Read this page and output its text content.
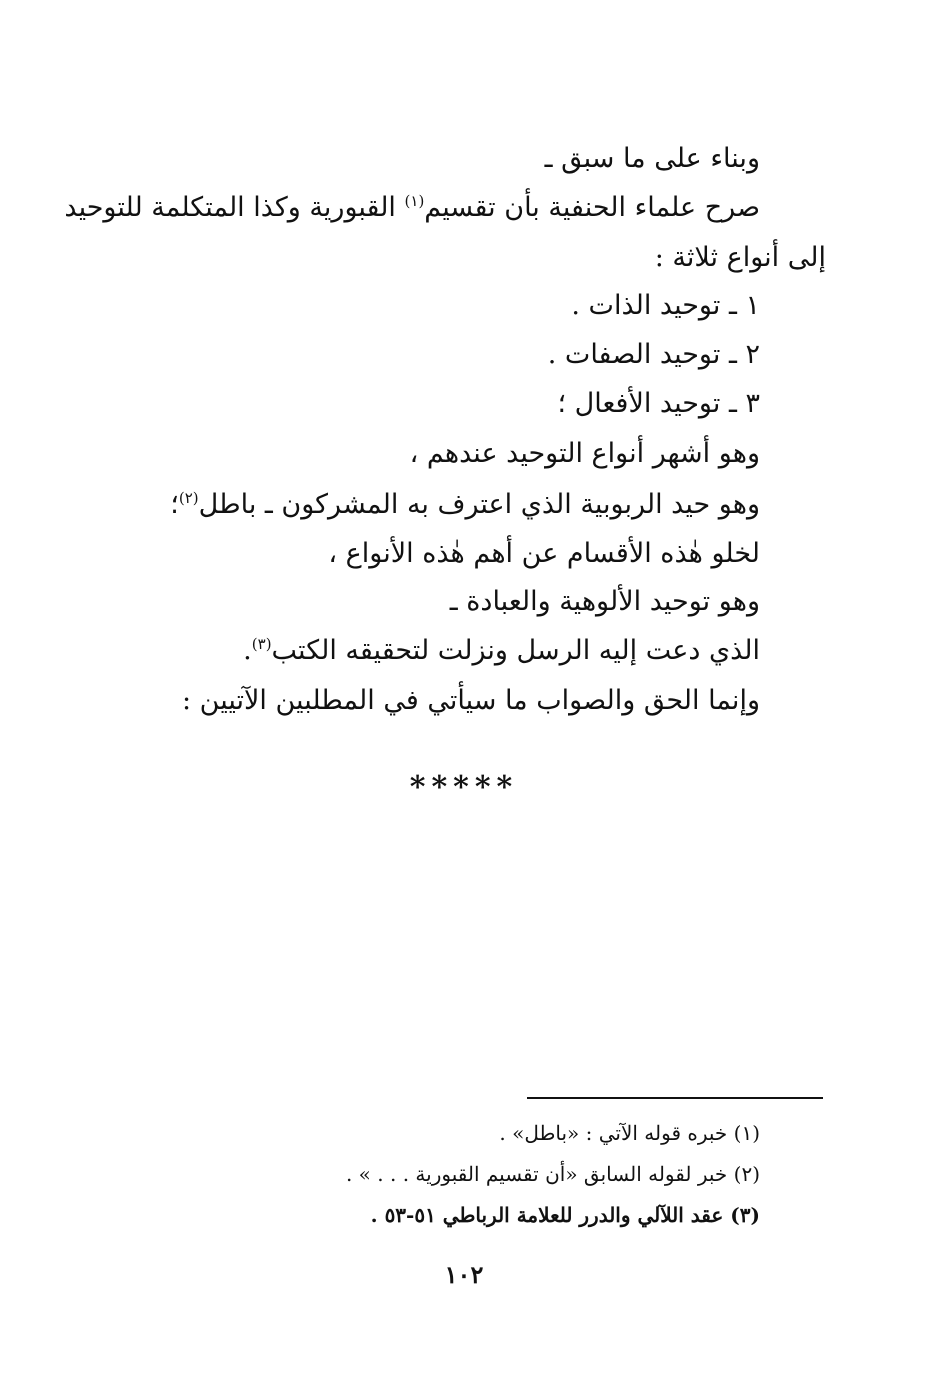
وبناء على ما سبق ـ
صرح علماء الحنفية بأن تقسيم$^{(١)}$ القبورية وكذا المتكلمة للتوحيد
إلى أنواع ثلاثة :
١ ـ توحيد الذات .
٢ ـ توحيد الصفات .
٣ ـ توحيد الأفعال ؛
وهو أشهر أنواع التوحيد عندهم ،
وهو حيد الربوبية الذي اعترف به المشركون ـ باطل$^{(٢)}$؛
لخلو هٰذه الأقسام عن أهم هٰذه الأنواع ،
وهو توحيد الألوهية والعبادة ـ
الذي دعت إليه الرسل ونزلت لتحقيقه الكتب$^{(٣)}$.
وإنما الحق والصواب ما سيأتي في المطلبين الآتيين :
*****
(١) خبره قوله الآتي : «باطل» .
(٢) خبر لقوله السابق «أن تقسيم القبورية . . . » .
(٣) عقد اللآلي والدرر للعلامة الرباطي ٥١-٥٣ .
١٠٢
